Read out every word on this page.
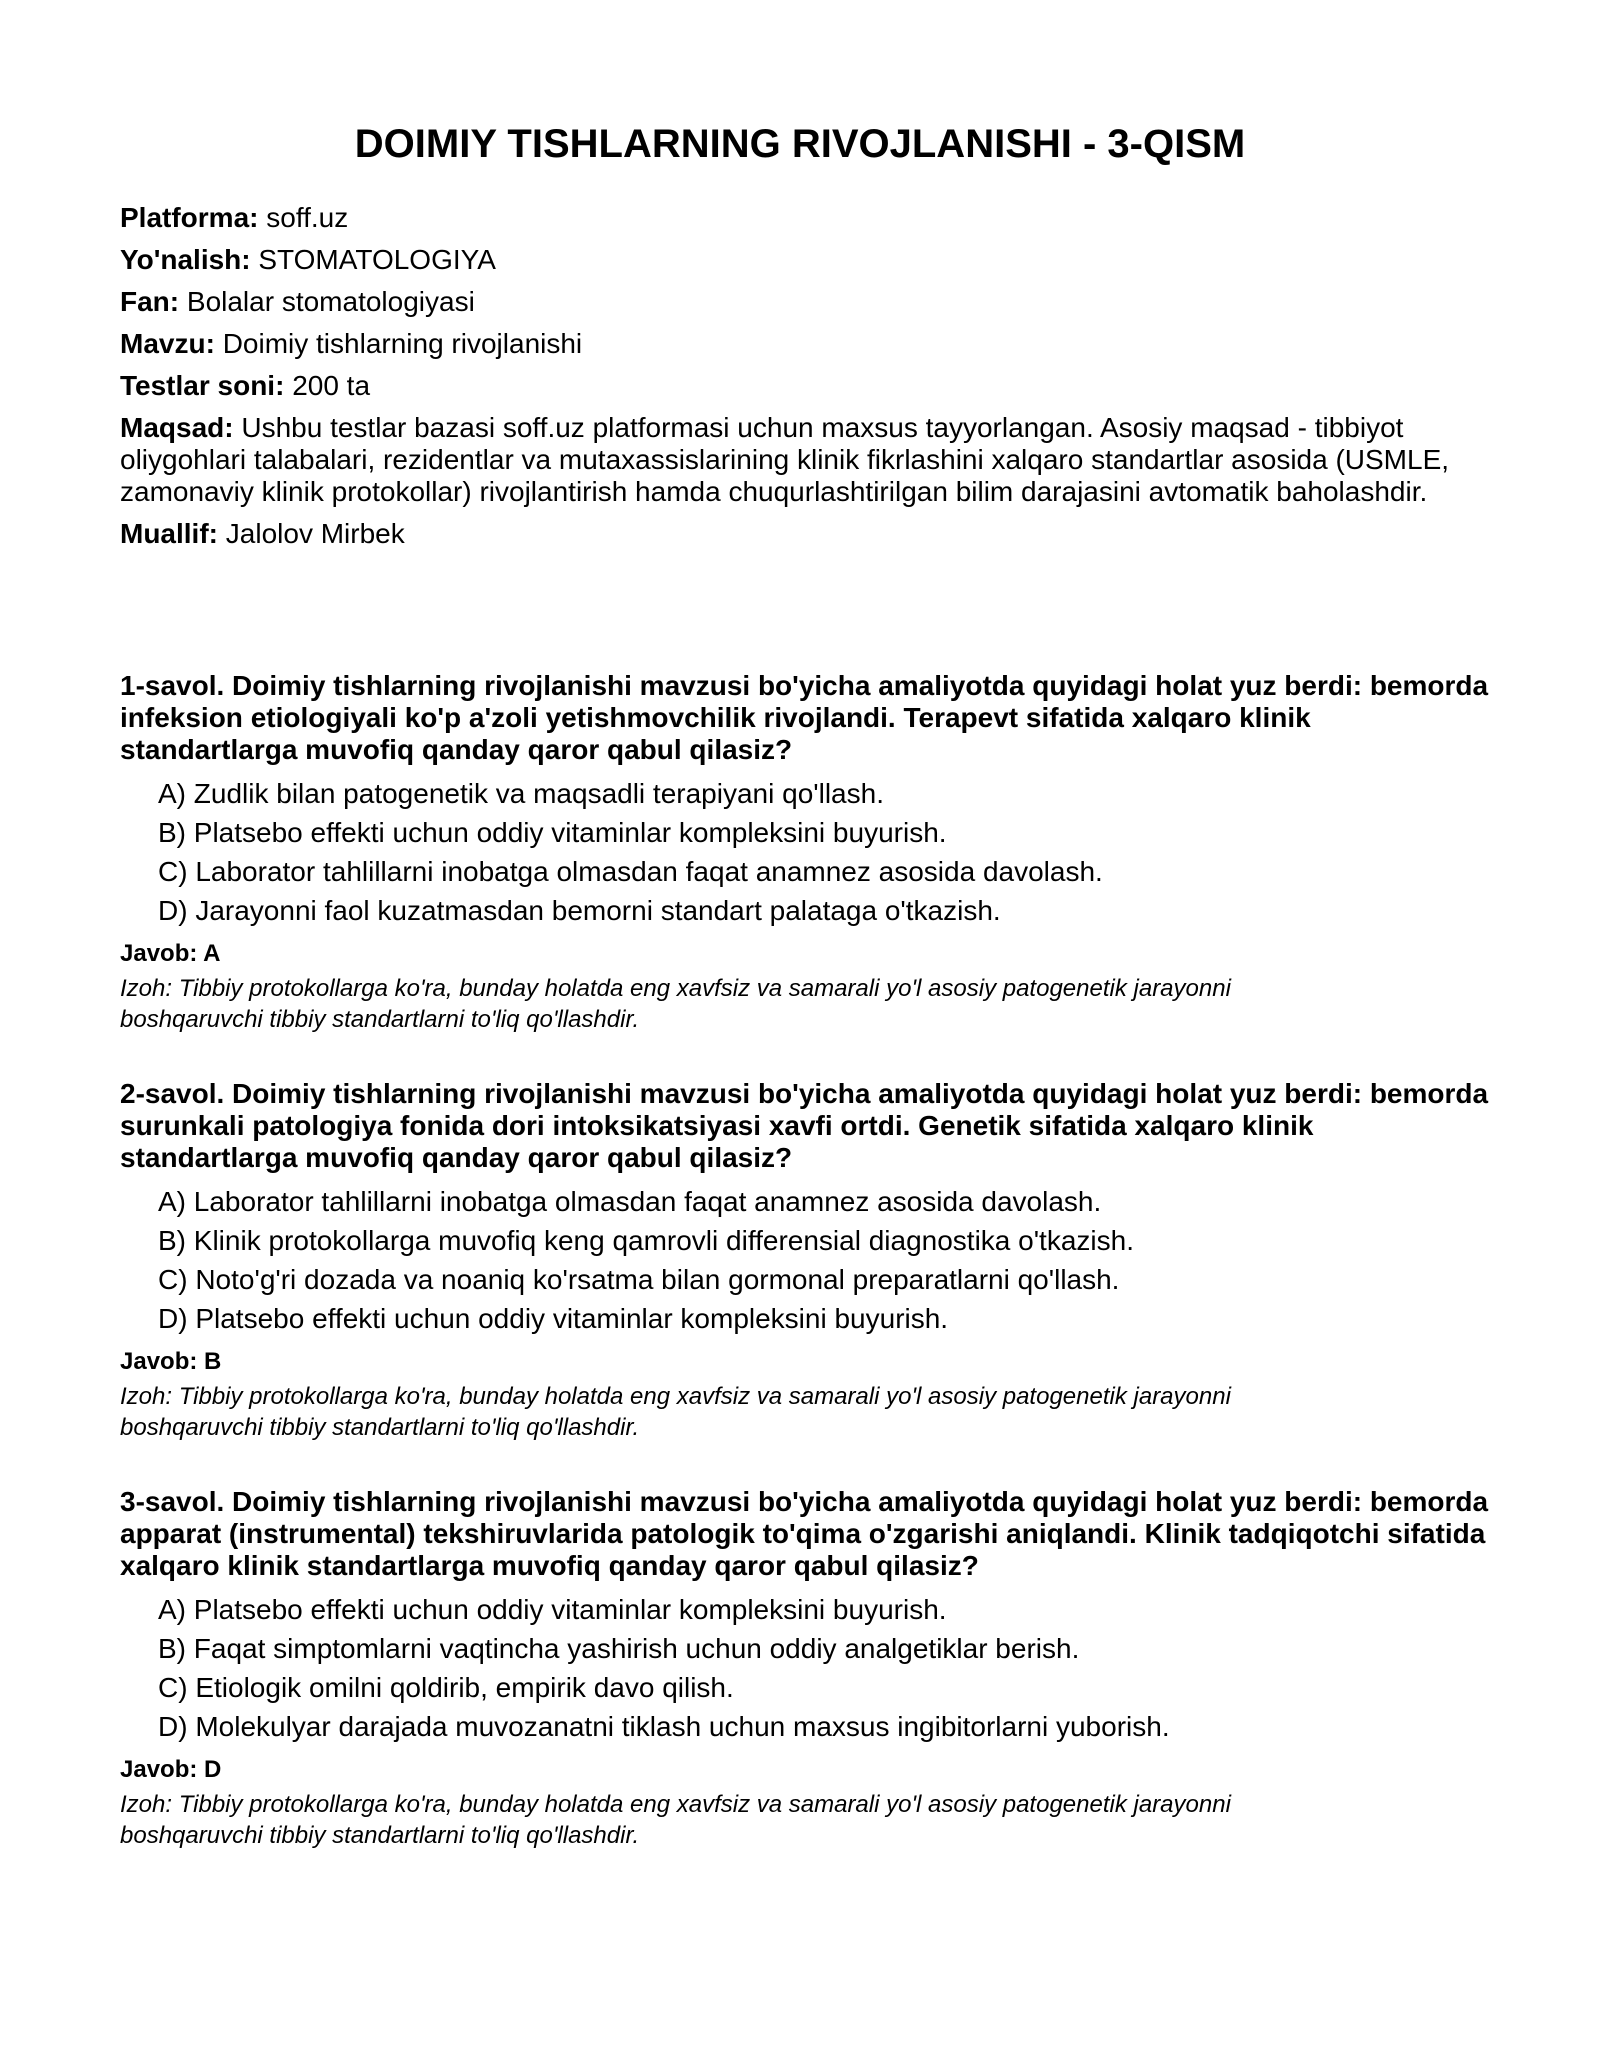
DOIMIY TISHLARNING RIVOJLANISHI - 3-QISM

Platforma: soff.uz

Yo'nalish: STOMATOLOGIYA

Fan: Bolalar stomatologiyasi

Mavzu: Doimiy tishlarning rivojlanishi

Testlar soni: 200 ta

Maqsad: Ushbu testlar bazasi soff.uz platformasi uchun maxsus tayyorlangan. Asosiy maqsad - tibbiyot oliygohlari talabalari, rezidentlar va mutaxassislarining klinik fikrlashini xalqaro standartlar asosida (USMLE, zamonaviy klinik protokollar) rivojlantirish hamda chuqurlashtirilgan bilim darajasini avtomatik baholashdir.

Muallif: Jalolov Mirbek

1-savol. Doimiy tishlarning rivojlanishi mavzusi bo'yicha amaliyotda quyidagi holat yuz berdi: bemorda infeksion etiologiyali ko'p a'zoli yetishmovchilik rivojlandi. Terapevt sifatida xalqaro klinik standartlarga muvofiq qanday qaror qabul qilasiz?

A) Zudlik bilan patogenetik va maqsadli terapiyani qo'llash.
B) Platsebo effekti uchun oddiy vitaminlar kompleksini buyurish.
C) Laborator tahlillarni inobatga olmasdan faqat anamnez asosida davolash.
D) Jarayonni faol kuzatmasdan bemorni standart palataga o'tkazish.

Javob: A

Izoh: Tibbiy protokollarga ko'ra, bunday holatda eng xavfsiz va samarali yo'l asosiy patogenetik jarayonni boshqaruvchi tibbiy standartlarni to'liq qo'llashdir.

2-savol. Doimiy tishlarning rivojlanishi mavzusi bo'yicha amaliyotda quyidagi holat yuz berdi: bemorda surunkali patologiya fonida dori intoksikatsiyasi xavfi ortdi. Genetik sifatida xalqaro klinik standartlarga muvofiq qanday qaror qabul qilasiz?

A) Laborator tahlillarni inobatga olmasdan faqat anamnez asosida davolash.
B) Klinik protokollarga muvofiq keng qamrovli differensial diagnostika o'tkazish.
C) Noto'g'ri dozada va noaniq ko'rsatma bilan gormonal preparatlarni qo'llash.
D) Platsebo effekti uchun oddiy vitaminlar kompleksini buyurish.

Javob: B

Izoh: Tibbiy protokollarga ko'ra, bunday holatda eng xavfsiz va samarali yo'l asosiy patogenetik jarayonni boshqaruvchi tibbiy standartlarni to'liq qo'llashdir.

3-savol. Doimiy tishlarning rivojlanishi mavzusi bo'yicha amaliyotda quyidagi holat yuz berdi: bemorda apparat (instrumental) tekshiruvlarida patologik to'qima o'zgarishi aniqlandi. Klinik tadqiqotchi sifatida xalqaro klinik standartlarga muvofiq qanday qaror qabul qilasiz?

A) Platsebo effekti uchun oddiy vitaminlar kompleksini buyurish.
B) Faqat simptomlarni vaqtincha yashirish uchun oddiy analgetiklar berish.
C) Etiologik omilni qoldirib, empirik davo qilish.
D) Molekulyar darajada muvozanatni tiklash uchun maxsus ingibitorlarni yuborish.

Javob: D

Izoh: Tibbiy protokollarga ko'ra, bunday holatda eng xavfsiz va samarali yo'l asosiy patogenetik jarayonni boshqaruvchi tibbiy standartlarni to'liq qo'llashdir.
